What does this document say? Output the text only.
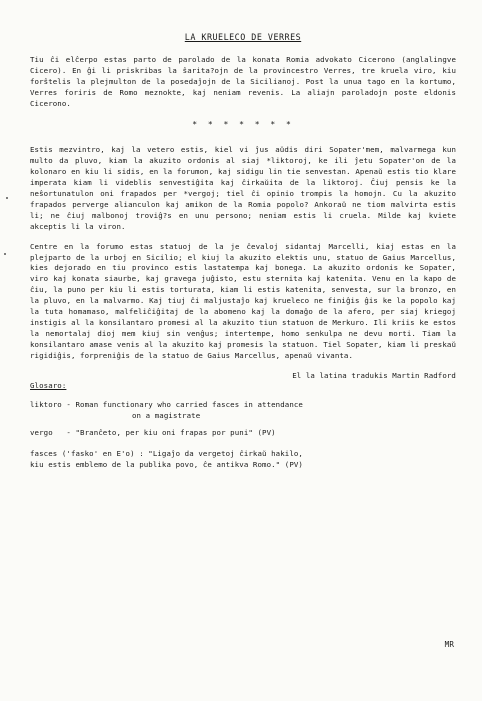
LA KRUELECO DE VERRES

Tiu ĉi elĉerpo estas parto de parolado de la konata Romia advokato Cicerono (anglalingve Cicero). En ĝi li priskribas la ŝarita?ojn de la provincestro Verres, tre kruela viro, kiu forŝtelis la plejmulton de la posedaĵojn de la Sicilianoj. Post la unua tago en la kortumo, Verres foriris de Romo meznokte, kaj neniam revenis. La aliajn paroladojn poste eldonis Cicerono.

* * * * * * *

Estis mezvintro, kaj la vetero estis, kiel vi ĵus aŭdis diri Sopater'mem, malvarmega kun multo da pluvo, kiam la akuzito ordonis al siaj *liktoroj, ke ili ĵetu Sopater'on de la kolonaro en kiu li sidis, en la forumon, kaj sidigu lin tie senvestan. Apenaŭ estis tio klare imperata kiam li videblis senvestiĝita kaj ĉirkaŭita de la liktoroj. Ĉiuj pensis ke la neŝortunatulon oni frapados per *vergoj; tiel ĉi opinio trompis la homojn. Cu la akuzito frapados perverge alianculon kaj amikon de la Romia popolo? Ankoraŭ ne tiom malvirta estis li; ne ĉiuj malbonoj troviĝ?s en unu persono; neniam estis li cruela. Milde kaj kviete akceptis li la viron.

Centre en la forumo estas statuoj de la je ĉevaloj sidantaj Marcelli, kiaj estas en la plejparto de la urboj en Sicilio; el kiuj la akuzito elektis unu, statuo de Gaius Marcellus, kies dejorado en tiu provinco estis lastatempa kaj bonega. La akuzito ordonis ke Sopater, viro kaj konata siaurbe, kaj gravega juĝisto, estu sternita kaj katenita. Venu en la kapo de ĉiu, la puno per kiu li estis torturata, kiam li estis katenita, senvesta, sur la bronzo, en la pluvo, en la malvarmo. Kaj tiuj ĉi maljustaĵo kaj krueleco ne finiĝis ĝis ke la popolo kaj la tuta homamaso, malfeliĉiĝitaj de la abomeno kaj la domaĝo de la afero, per siaj kriegoj instigis al la konsilantaro promesi al la akuzito tiun statuon de Merkuro. Ili kriis ke estos la nemortalaj dioj mem kiuj sin venĝus; intertempe, homo senkulpa ne devu morti. Tiam la konsilantaro amase venis al la akuzito kaj promesis la statuon. Tiel Sopater, kiam li preskaŭ rigidiĝis, forpreniĝis de la statuo de Gaius Marcellus, apenaŭ vivanta.

El la latina tradukis Martin Radford

Glosaro:
liktoro - Roman functionary who carried fasces in attendance
on a magistrate
vergo   - "Branĉeto, per kiu oni frapas por puni" (PV)

fasces ('fasko' en E'o) : "Ligaĵo da vergetoj ĉirkaŭ hakilo,

kiu estis emblemo de la publika povo, ĉe antikva Romo." (PV)

MR
